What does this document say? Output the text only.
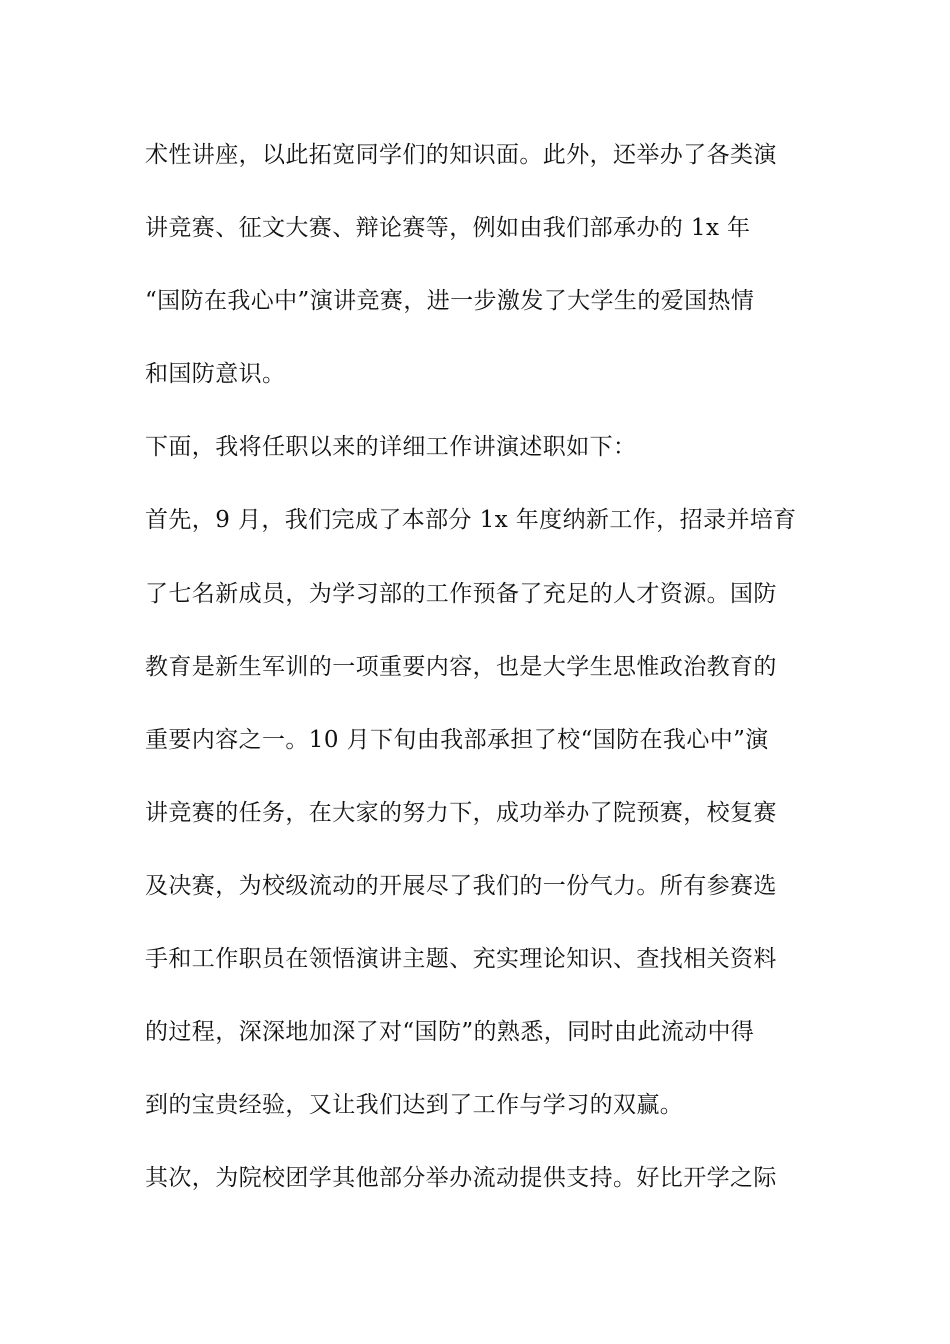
术性讲座，以此拓宽同学们的知识面。此外，还举办了各类演
讲竞赛、征文大赛、辩论赛等，例如由我们部承办的 1x 年
“国防在我心中”演讲竞赛，进一步激发了大学生的爱国热情
和国防意识。
下面，我将任职以来的详细工作讲演述职如下：
首先，9 月，我们完成了本部分 1x 年度纳新工作，招录并培育
了七名新成员，为学习部的工作预备了充足的人才资源。国防
教育是新生军训的一项重要内容，也是大学生思惟政治教育的
重要内容之一。10 月下旬由我部承担了校“国防在我心中”演
讲竞赛的任务，在大家的努力下，成功举办了院预赛，校复赛
及决赛，为校级流动的开展尽了我们的一份气力。所有参赛选
手和工作职员在领悟演讲主题、充实理论知识、查找相关资料
的过程，深深地加深了对“国防”的熟悉，同时由此流动中得
到的宝贵经验，又让我们达到了工作与学习的双赢。
其次，为院校团学其他部分举办流动提供支持。好比开学之际
